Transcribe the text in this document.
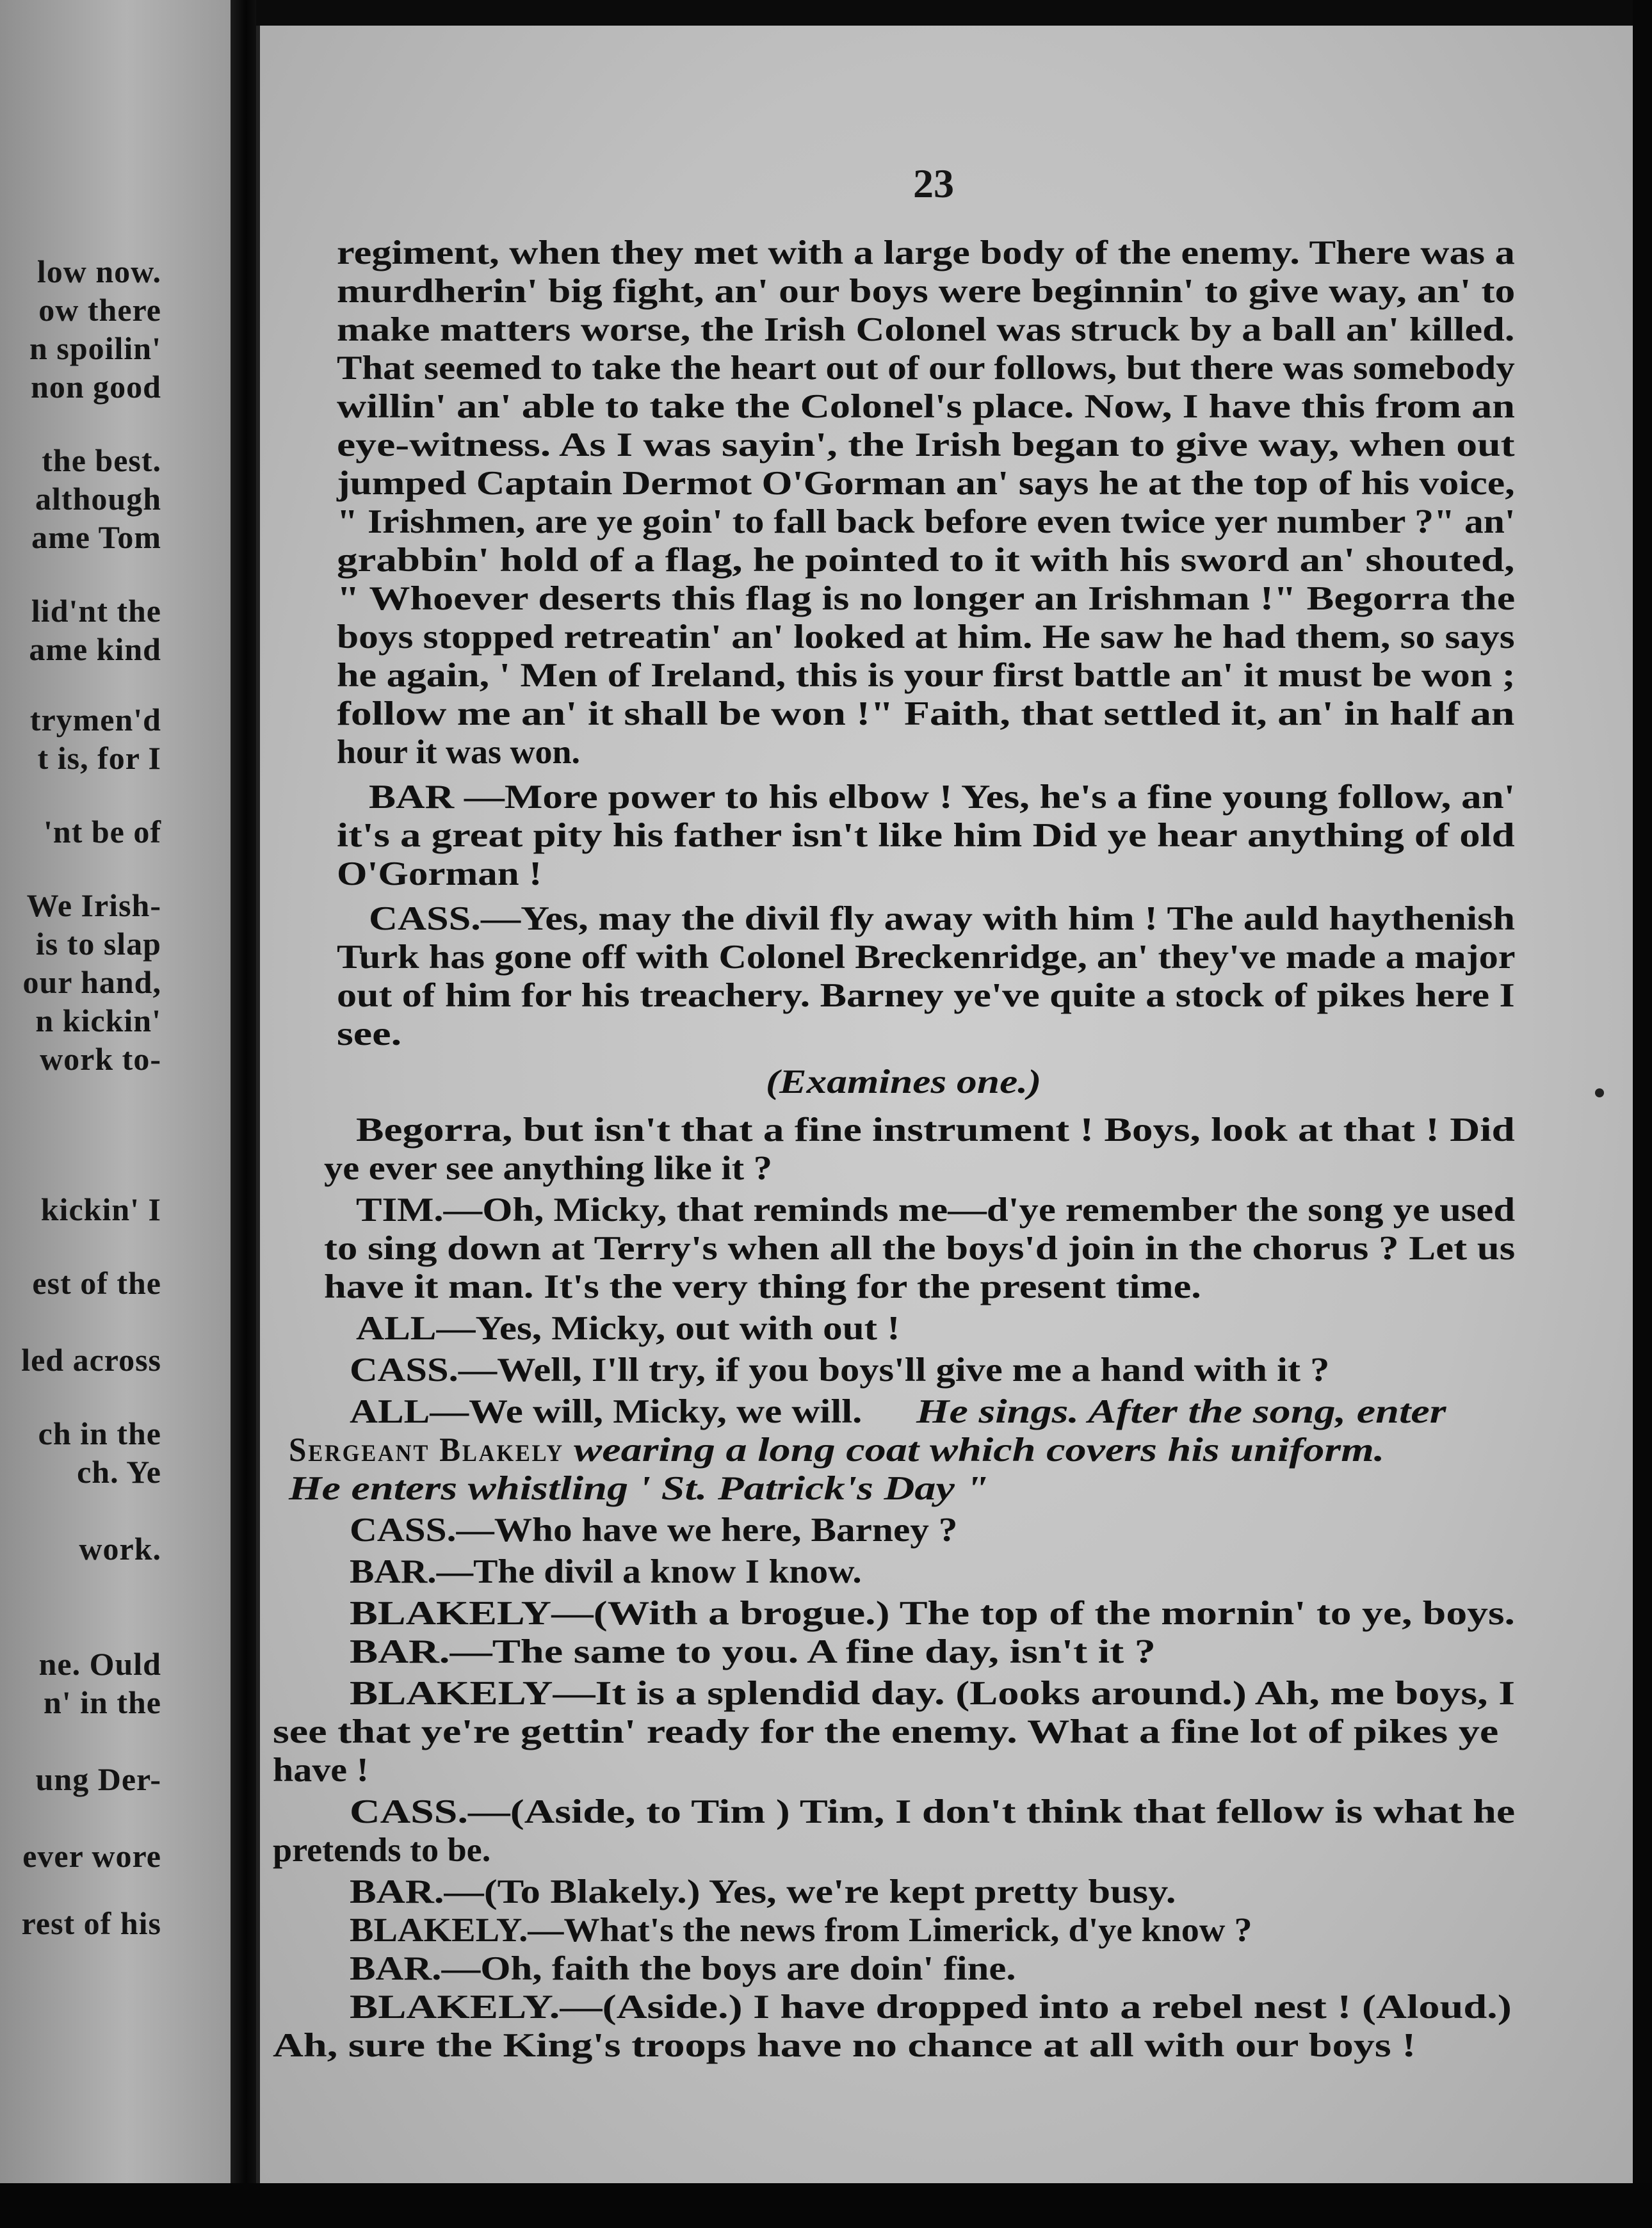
low now.
ow there
n spoilin'
non good
the best.
although
ame Tom
lid'nt the
ame kind
trymen'd
t is, for I
'nt be of
We Irish-
is to slap
our hand,
n kickin'
work to-
kickin' I
est of the
led across
ch in the
ch. Ye
work.
ne. Ould
n' in the
ung Der-
ever wore
rest of his
23
regiment, when they met with a large body of the enemy. There was a
murdherin' big fight, an' our boys were beginnin' to give way, an' to
make matters worse, the Irish Colonel was struck by a ball an' killed.
That seemed to take the heart out of our follows, but there was somebody
willin' an' able to take the Colonel's place. Now, I have this from an
eye-witness. As I was sayin', the Irish began to give way, when out
jumped Captain Dermot O'Gorman an' says he at the top of his voice,
" Irishmen, are ye goin' to fall back before even twice yer number ?" an'
grabbin' hold of a flag, he pointed to it with his sword an' shouted,
" Whoever deserts this flag is no longer an Irishman !" Begorra the
boys stopped retreatin' an' looked at him. He saw he had them, so says
he again, ' Men of Ireland, this is your first battle an' it must be won ;
follow me an' it shall be won !" Faith, that settled it, an' in half an
hour it was won.
BAR —More power to his elbow ! Yes, he's a fine young follow, an'
it's a great pity his father isn't like him Did ye hear anything of old
O'Gorman !
CASS.—Yes, may the divil fly away with him ! The auld haythenish
Turk has gone off with Colonel Breckenridge, an' they've made a major
out of him for his treachery. Barney ye've quite a stock of pikes here I
see.
(Examines one.)
Begorra, but isn't that a fine instrument ! Boys, look at that ! Did
ye ever see anything like it ?
TIM.—Oh, Micky, that reminds me—d'ye remember the song ye used
to sing down at Terry's when all the boys'd join in the chorus ? Let us
have it man. It's the very thing for the present time.
ALL—Yes, Micky, out with out !
CASS.—Well, I'll try, if you boys'll give me a hand with it ?
ALL—We will, Micky, we will. He sings. After the song, enter
Sergeant Blakely wearing a long coat which covers his uniform.
He enters whistling ' St. Patrick's Day "
CASS.—Who have we here, Barney ?
BAR.—The divil a know I know.
BLAKELY—(With a brogue.) The top of the mornin' to ye, boys.
BAR.—The same to you. A fine day, isn't it ?
BLAKELY—It is a splendid day. (Looks around.) Ah, me boys, I
see that ye're gettin' ready for the enemy. What a fine lot of pikes ye
have !
CASS.—(Aside, to Tim ) Tim, I don't think that fellow is what he
pretends to be.
BAR.—(To Blakely.) Yes, we're kept pretty busy.
BLAKELY.—What's the news from Limerick, d'ye know ?
BAR.—Oh, faith the boys are doin' fine.
BLAKELY.—(Aside.) I have dropped into a rebel nest ! (Aloud.)
Ah, sure the King's troops have no chance at all with our boys !
